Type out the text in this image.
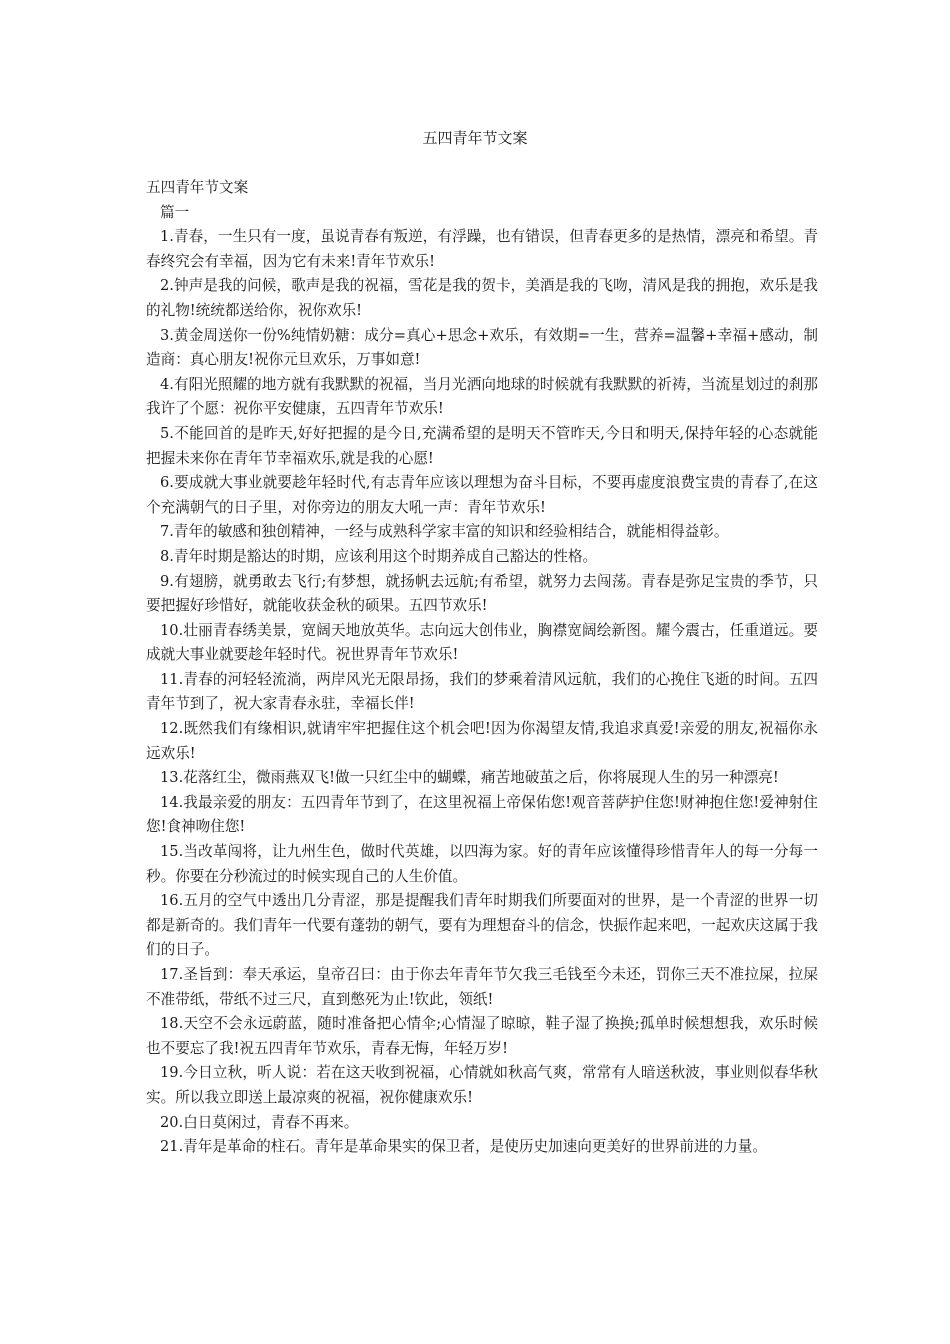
五四青年节文案

五四青年节文案

篇一

1.青春，一生只有一度，虽说青春有叛逆，有浮躁，也有错误，但青春更多的是热情，漂亮和希望。青春终究会有幸福，因为它有未来!青年节欢乐!

2.钟声是我的问候，歌声是我的祝福，雪花是我的贺卡，美酒是我的飞吻，清风是我的拥抱，欢乐是我的礼物!统统都送给你，祝你欢乐!

3.黄金周送你一份%纯情奶糖：成分=真心+思念+欢乐，有效期=一生，营养=温馨+幸福+感动，制造商：真心朋友!祝你元旦欢乐，万事如意!

4.有阳光照耀的地方就有我默默的祝福，当月光洒向地球的时候就有我默默的祈祷，当流星划过的刹那我许了个愿：祝你平安健康，五四青年节欢乐!

5.不能回首的是昨天,好好把握的是今日,充满希望的是明天不管昨天,今日和明天,保持年轻的心态就能把握未来你在青年节幸福欢乐,就是我的心愿!

6.要成就大事业就要趁年轻时代,有志青年应该以理想为奋斗目标，不要再虚度浪费宝贵的青春了,在这个充满朝气的日子里，对你旁边的朋友大吼一声：青年节欢乐!

7.青年的敏感和独创精神，一经与成熟科学家丰富的知识和经验相结合，就能相得益彰。

8.青年时期是豁达的时期，应该利用这个时期养成自己豁达的性格。

9.有翅膀，就勇敢去飞行;有梦想，就扬帆去远航;有希望，就努力去闯荡。青春是弥足宝贵的季节，只要把握好珍惜好，就能收获金秋的硕果。五四节欢乐!

10.壮丽青春绣美景，宽阔天地放英华。志向远大创伟业，胸襟宽阔绘新图。耀今震古，任重道远。要成就大事业就要趁年轻时代。祝世界青年节欢乐!

11.青春的河轻轻流淌，两岸风光无限昂扬，我们的梦乘着清风远航，我们的心挽住飞逝的时间。五四青年节到了，祝大家青春永驻，幸福长伴!

12.既然我们有缘相识,就请牢牢把握住这个机会吧!因为你渴望友情,我追求真爱!亲爱的朋友,祝福你永远欢乐!

13.花落红尘，微雨燕双飞!做一只红尘中的蝴蝶，痛苦地破茧之后，你将展现人生的另一种漂亮!

14.我最亲爱的朋友：五四青年节到了，在这里祝福上帝保佑您!观音菩萨护住您!财神抱住您!爱神射住您!食神吻住您!

15.当改革闯将，让九州生色，做时代英雄，以四海为家。好的青年应该懂得珍惜青年人的每一分每一秒。你要在分秒流过的时候实现自己的人生价值。

16.五月的空气中透出几分青涩，那是提醒我们青年时期我们所要面对的世界，是一个青涩的世界一切都是新奇的。我们青年一代要有蓬勃的朝气，要有为理想奋斗的信念，快振作起来吧，一起欢庆这属于我们的日子。

17.圣旨到：奉天承运，皇帝召曰：由于你去年青年节欠我三毛钱至今未还，罚你三天不准拉屎，拉屎不准带纸，带纸不过三尺，直到憋死为止!钦此，领纸!

18.天空不会永远蔚蓝，随时准备把心情伞;心情湿了晾晾，鞋子湿了换换;孤单时候想想我，欢乐时候也不要忘了我!祝五四青年节欢乐，青春无悔，年轻万岁!

19.今日立秋，听人说：若在这天收到祝福，心情就如秋高气爽，常常有人暗送秋波，事业则似春华秋实。所以我立即送上最凉爽的祝福，祝你健康欢乐!

20.白日莫闲过，青春不再来。

21.青年是革命的柱石。青年是革命果实的保卫者，是使历史加速向更美好的世界前进的力量。
